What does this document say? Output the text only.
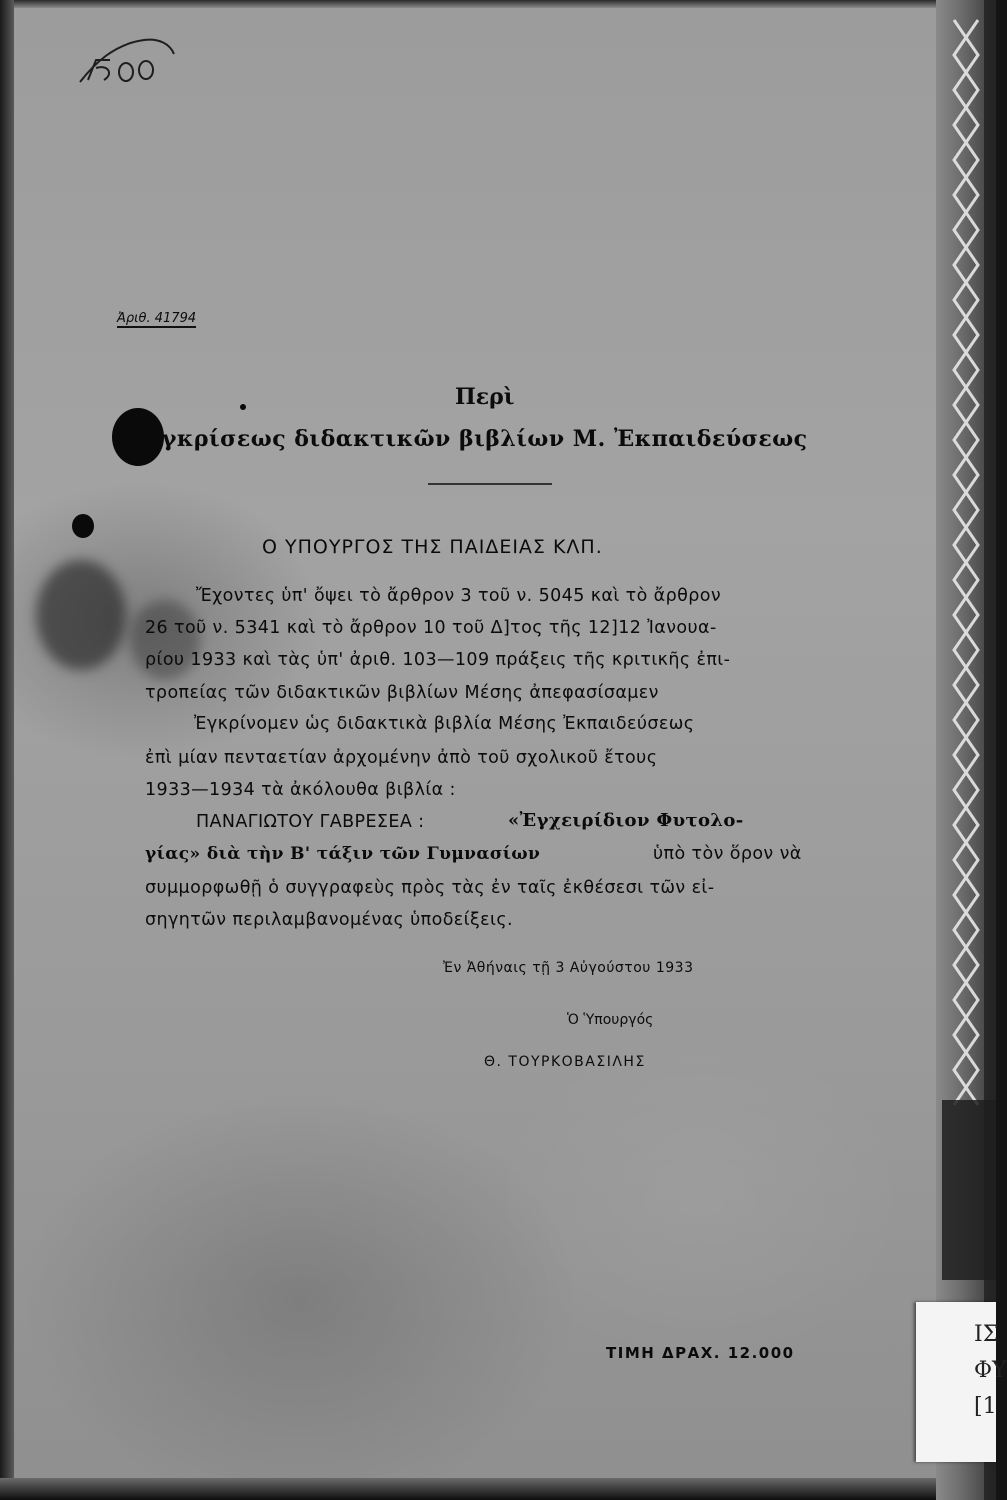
Ἀριθ. 41794
Περὶ
ἐγκρίσεως διδακτικῶν βιβλίων Μ. Ἐκπαιδεύσεως
Ο ΥΠΟΥΡΓΟΣ ΤΗΣ ΠΑΙΔΕΙΑΣ ΚΛΠ.
Ἔχοντες ὑπ' ὄψει τὸ ἄρθρον 3 τοῦ ν. 5045 καὶ τὸ ἄρθρον
26 τοῦ ν. 5341 καὶ τὸ ἄρθρον 10 τοῦ Δ]τος τῆς 12]12 Ἰανουα-
ρίου 1933 καὶ τὰς ὑπ' ἀριθ. 103—109 πράξεις τῆς κριτικῆς ἐπι-
τροπείας τῶν διδακτικῶν βιβλίων Μέσης ἀπεφασίσαμεν
Ἐγκρίνομεν ὡς διδακτικὰ βιβλία Μέσης Ἐκπαιδεύσεως
ἐπὶ μίαν πενταετίαν ἀρχομένην ἀπὸ τοῦ σχολικοῦ ἔτους
1933—1934 τὰ ἀκόλουθα βιβλία :
ΠΑΝΑΓΙΩΤΟΥ ΓΑΒΡΕΣΕΑ :	«Ἐγχειρίδιον Φυτολο-
γίας» διὰ τὴν Β' τάξιν τῶν Γυμνασίων	ὑπὸ τὸν ὅρον νὰ
συμμορφωθῇ ὁ συγγραφεὺς πρὸς τὰς ἐν ταῖς ἐκθέσεσι τῶν εἰ-
σηγητῶν περιλαμβανομένας ὑποδείξεις.
Ἐν Ἀθήναις τῇ 3 Αὐγούστου 1933
Ὁ Ὑπουργός
Θ. ΤΟΥΡΚΟΒΑΣΙΛΗΣ
ΤΙΜΗ ΔΡΑΧ. 12.000
ΙΣ
ΦΥ
[1
